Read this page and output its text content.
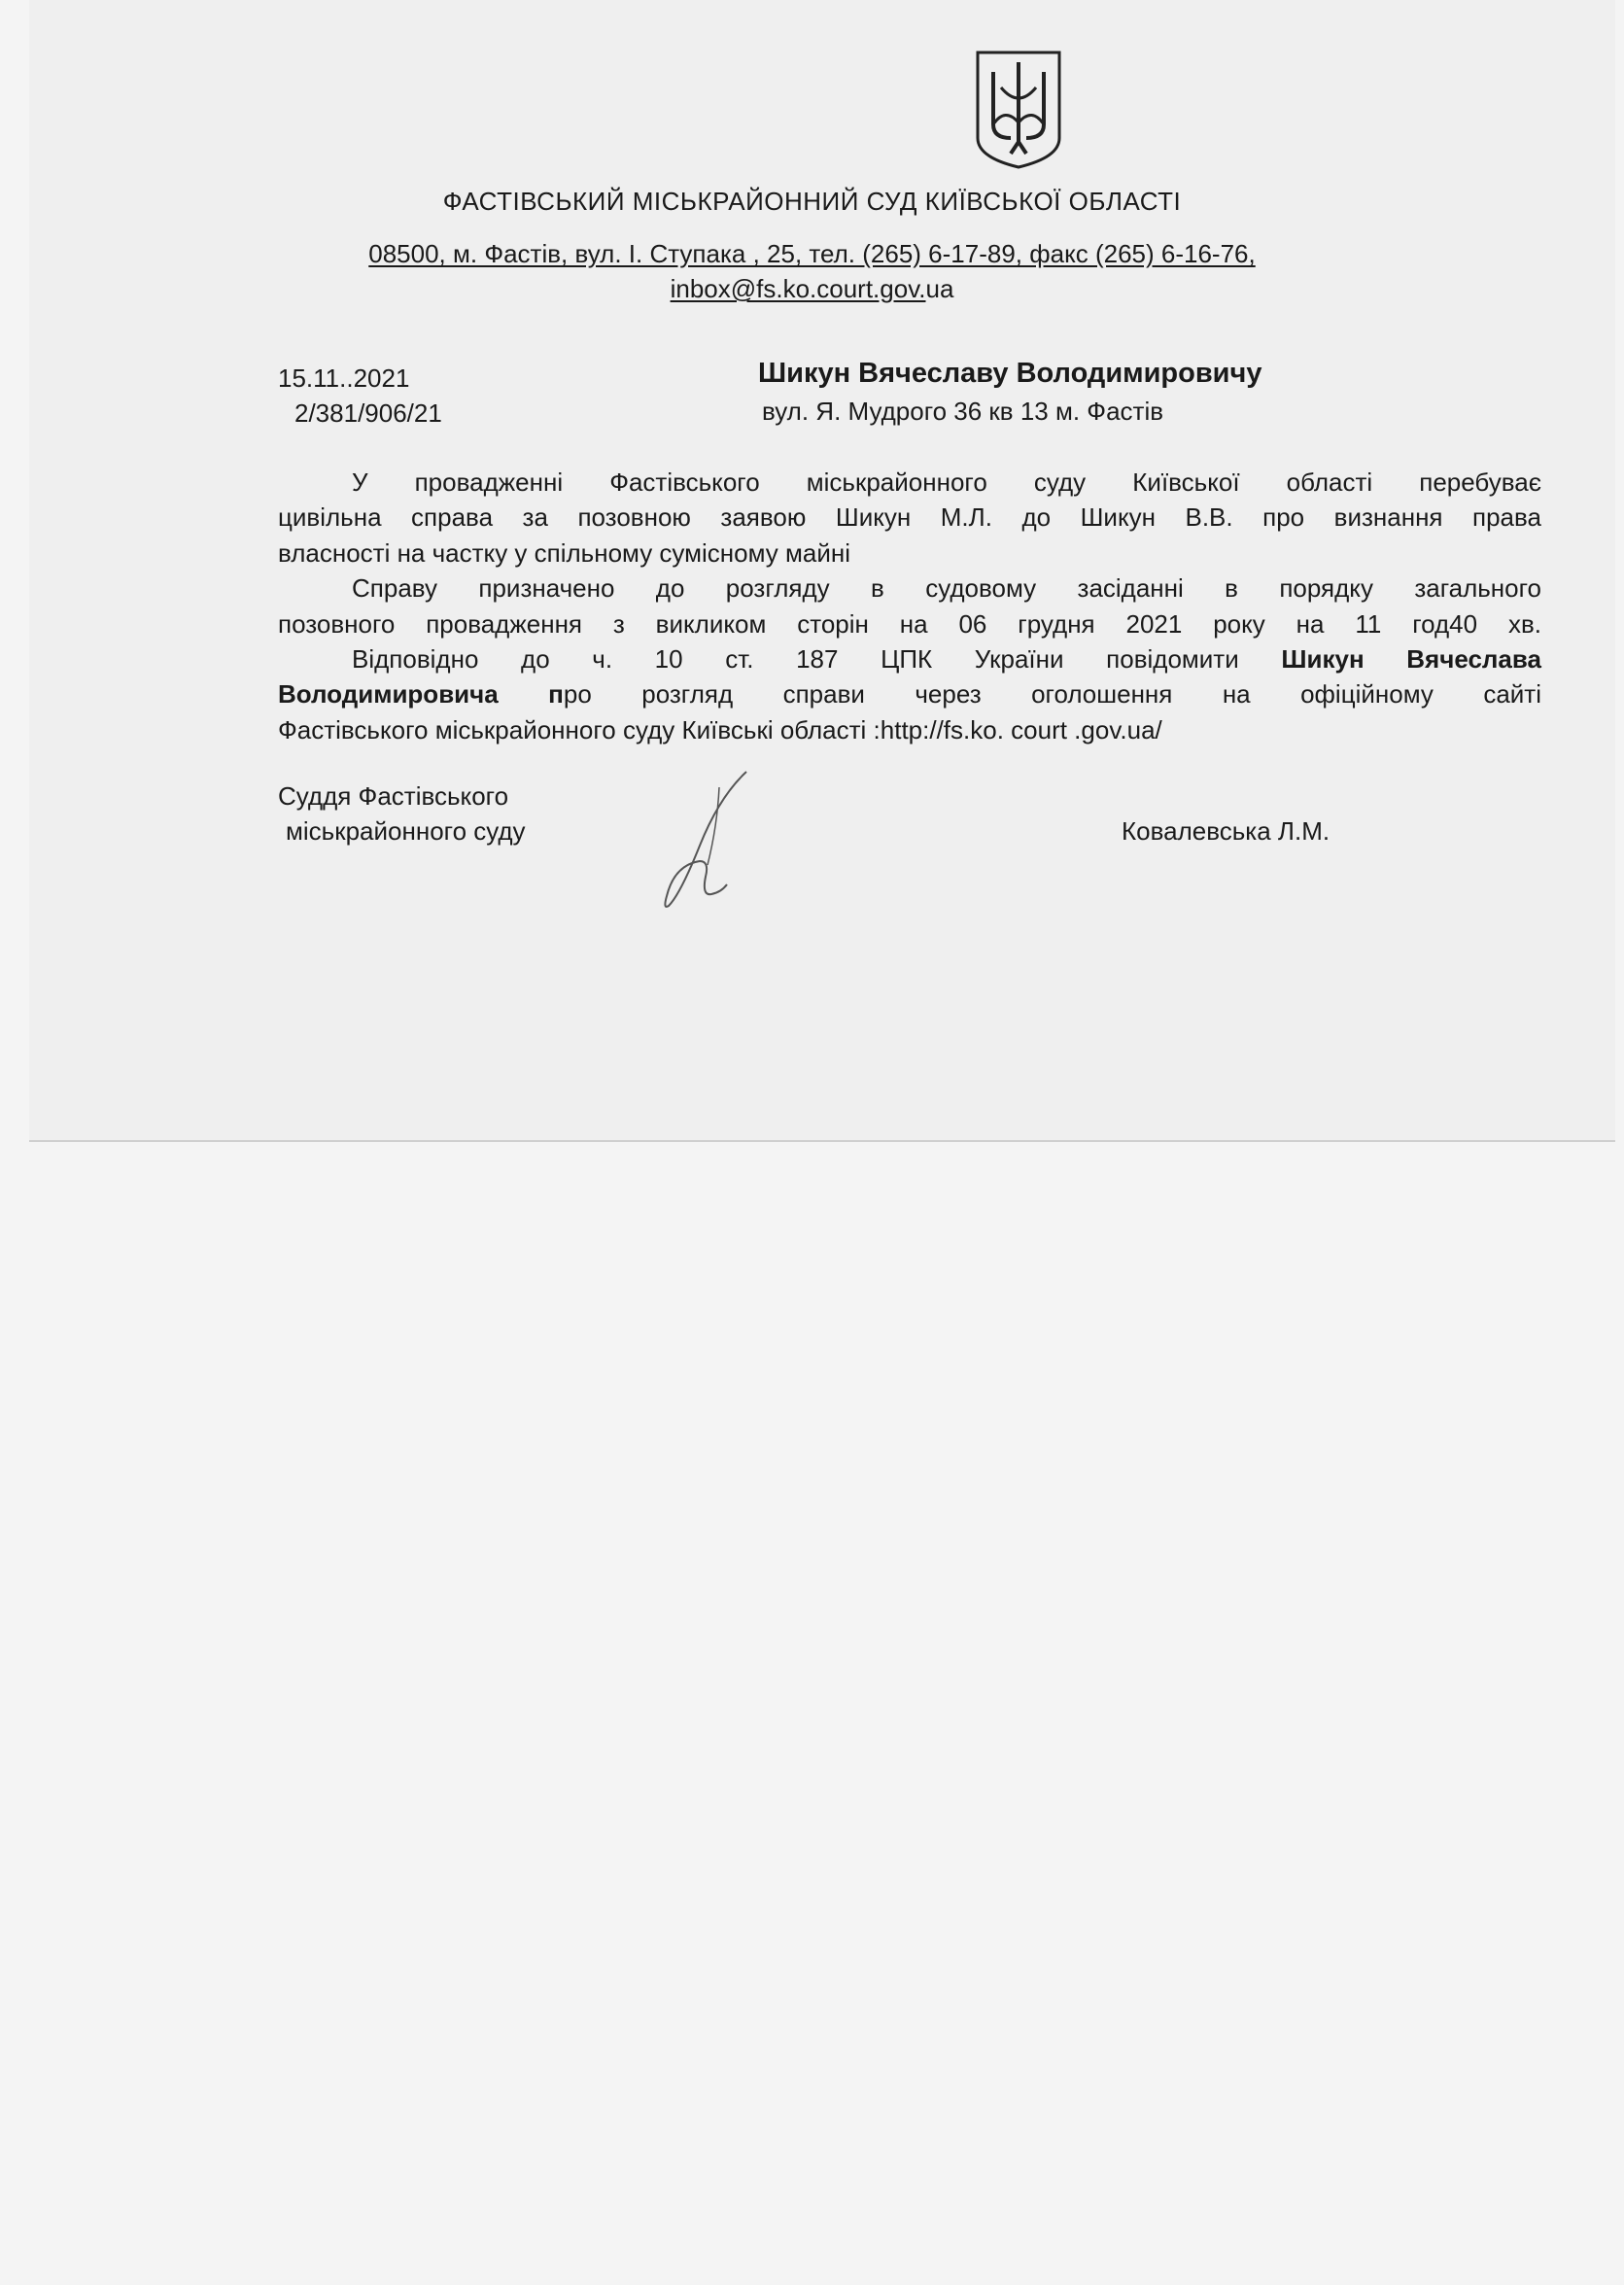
ФАСТІВСЬКИЙ МІСЬКРАЙОННИЙ СУД КИЇВСЬКОЇ ОБЛАСТІ
08500, м. Фастів, вул. І. Ступака , 25, тел. (265) 6-17-89, факс (265) 6-16-76,
inbox@fs.ko.court.gov.ua
15.11..2021
2/381/906/21
Шикун Вячеславу Володимировичу
вул. Я. Мудрого 36 кв 13 м. Фастів
У провадженні Фастівського міськрайонного суду Київської області перебуває
цивільна справа за позовною заявою Шикун М.Л. до Шикун В.В. про визнання права
власності на частку у спільному сумісному майні
Справу призначено до розгляду в судовому засіданні в порядку загального
позовного провадження з викликом сторін на 06 грудня 2021 року на 11 год40 хв.
Відповідно до ч. 10 ст. 187 ЦПК України повідомити Шикун Вячеслава
Володимировича про розгляд справи через оголошення на офіційному сайті
Фастівського міськрайонного суду Київські області :http://fs.ko. court .gov.ua/
Суддя Фастівського
міськрайонного суду	Ковалевська Л.М.
